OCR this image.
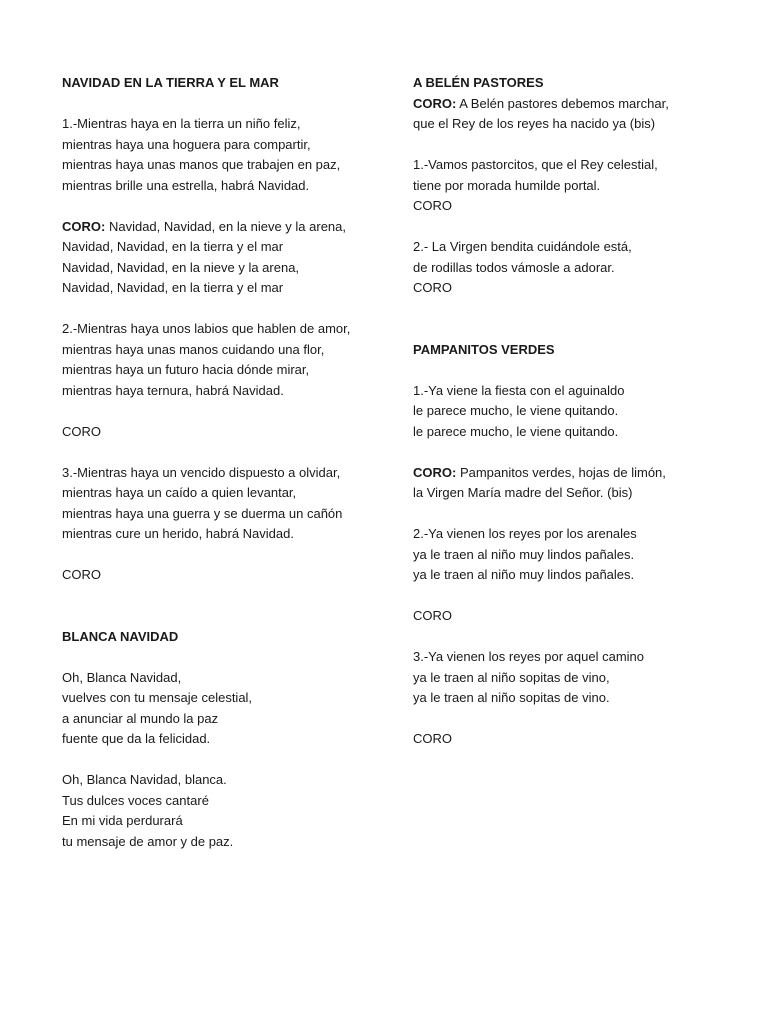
NAVIDAD EN LA TIERRA Y EL MAR
1.-Mientras haya en la tierra un niño feliz,
mientras haya una hoguera para compartir,
mientras haya unas manos que trabajen en paz,
mientras brille una estrella, habrá Navidad.
CORO: Navidad, Navidad, en la nieve y la arena,
Navidad, Navidad, en la tierra y el mar
Navidad, Navidad, en la nieve y la arena,
Navidad, Navidad, en la tierra y el mar
2.-Mientras haya unos labios que hablen de amor,
mientras haya unas manos cuidando una flor,
mientras haya un futuro hacia dónde mirar,
mientras haya ternura, habrá Navidad.
CORO
3.-Mientras haya un vencido dispuesto a olvidar,
mientras haya un caído a quien levantar,
mientras haya una guerra y se duerma un cañón
mientras cure un herido, habrá Navidad.
CORO
BLANCA NAVIDAD
Oh, Blanca Navidad,
vuelves con tu mensaje celestial,
a anunciar al mundo la paz
fuente que da la felicidad.
Oh, Blanca Navidad, blanca.
Tus dulces voces cantaré
En mi vida perdurará
tu mensaje de amor y de paz.
A BELÉN PASTORES
CORO: A Belén pastores debemos marchar,
que el Rey de los reyes ha nacido ya (bis)
1.-Vamos pastorcitos, que el Rey celestial,
tiene por morada humilde portal.
CORO
2.- La Virgen bendita cuidándole está,
de rodillas todos vámosle a adorar.
CORO
PAMPANITOS VERDES
1.-Ya viene la fiesta con el aguinaldo
le parece mucho, le viene quitando.
le parece mucho, le viene quitando.
CORO: Pampanitos verdes, hojas de limón,
la Virgen María madre del Señor. (bis)
2.-Ya vienen los reyes por los arenales
ya le traen al niño muy lindos pañales.
ya le traen al niño muy lindos pañales.
CORO
3.-Ya vienen los reyes por aquel camino
ya le traen al niño sopitas de vino,
ya le traen al niño sopitas de vino.
CORO
